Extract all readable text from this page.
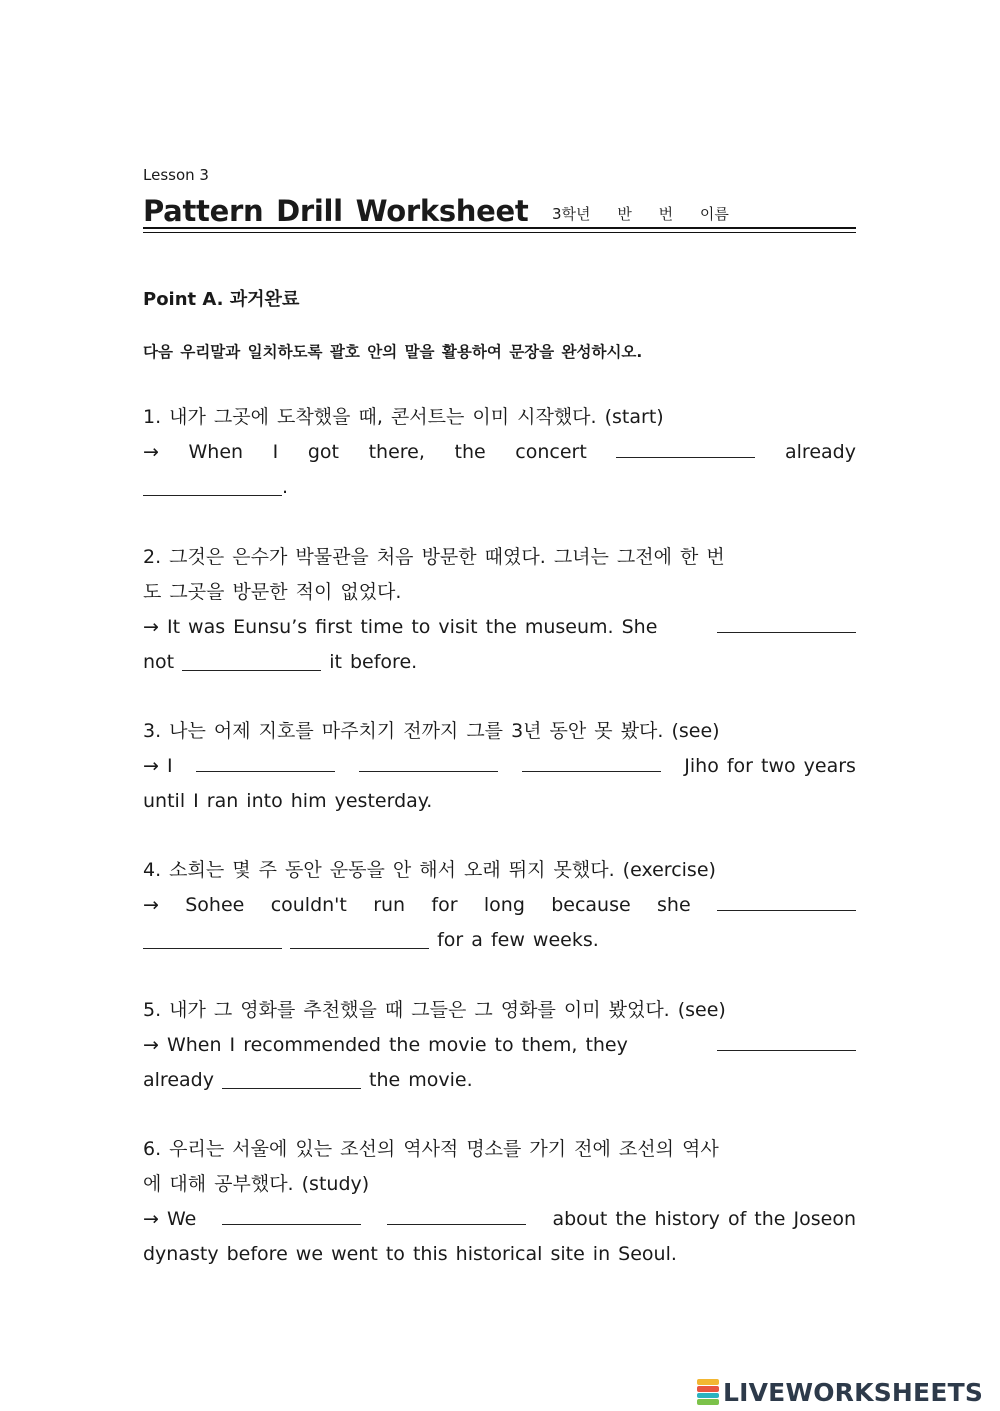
Lesson 3
Pattern Drill Worksheet 3학년 반 번 이름
Point A. 과거완료
다음 우리말과 일치하도록 괄호 안의 말을 활용하여 문장을 완성하시오.
1. 내가 그곳에 도착했을 때, 콘서트는 이미 시작했다. (start)
→ When I got there, the concert	already
.
2. 그것은 은수가 박물관을 처음 방문한 때였다. 그녀는 그전에 한 번
도 그곳을 방문한 적이 없었다.
→ It was Eunsu’s first time to visit the museum. She
not	it before.
3. 나는 어제 지호를 마주치기 전까지 그를 3년 동안 못 봤다. (see)
→ I	Jiho for two years
until I ran into him yesterday.
4. 소희는 몇 주 동안 운동을 안 해서 오래 뛰지 못했다. (exercise)
→ Sohee couldn't run for long because she
for a few weeks.
5. 내가 그 영화를 추천했을 때 그들은 그 영화를 이미 봤었다. (see)
→ When I recommended the movie to them, they
already	the movie.
6. 우리는 서울에 있는 조선의 역사적 명소를 가기 전에 조선의 역사
에 대해 공부했다. (study)
→ We	about the history of the Joseon
dynasty before we went to this historical site in Seoul.
LIVEWORKSHEETS
